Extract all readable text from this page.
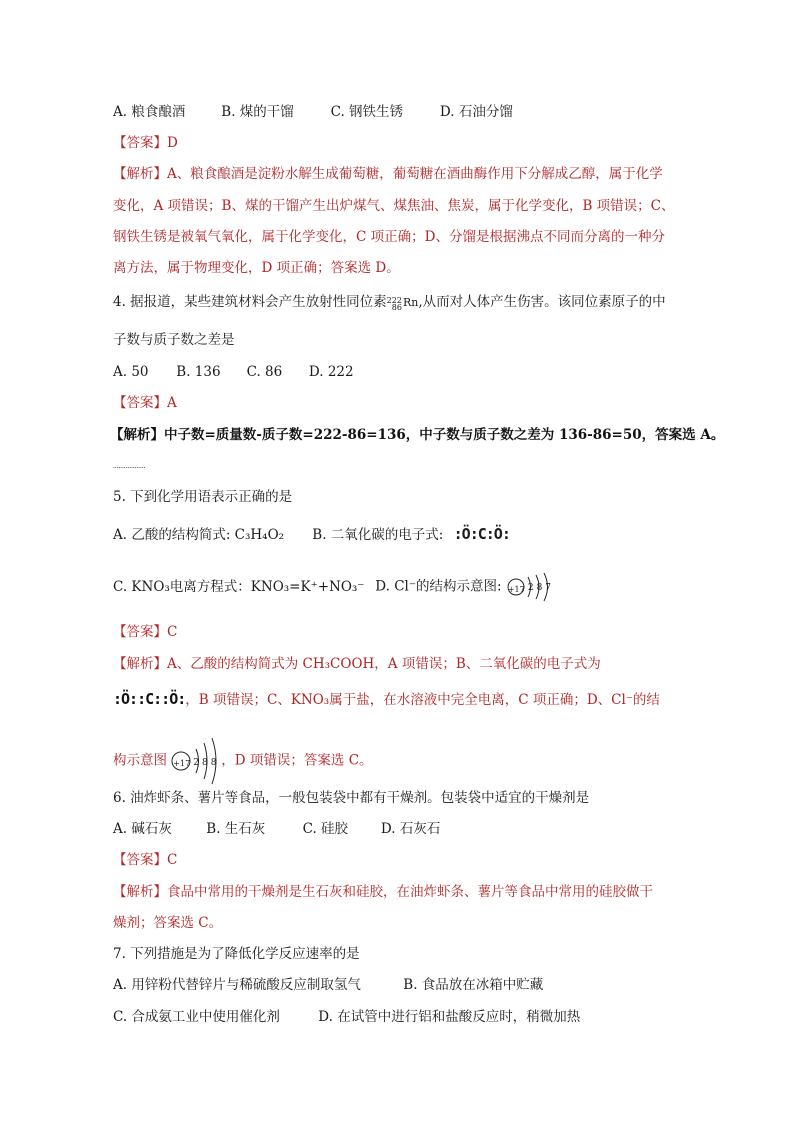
A. 粮食酿酒	B. 煤的干馏	C. 钢铁生锈	D. 石油分馏
【答案】D
【解析】A、粮食酿酒是淀粉水解生成葡萄糖，葡萄糖在酒曲酶作用下分解成乙醇，属于化学
变化，A 项错误；B、煤的干馏产生出炉煤气、煤焦油、焦炭，属于化学变化，B 项错误；C、
钢铁生锈是被氧气氧化，属于化学变化，C 项正确；D、分馏是根据沸点不同而分离的一种分
离方法，属于物理变化，D 项正确；答案选 D。
4. 据报道，某些建筑材料会产生放射性同位素 222
86 Rn,从而对人体产生伤害。该同位素原子的中
子数与质子数之差是
A. 50 B. 136 C. 86 D. 222
【答案】A
【解析】中子数=质量数-质子数=222-86=136，中子数与质子数之差为 136-86=50，答案选 A。
………………
5. 下到化学用语表示正确的是
A. 乙酸的结构简式: C₃H₄O₂ B. 二氧化碳的电子式: :Ö:C:Ö:
C. KNO₃电离方程式：KNO₃=K⁺+NO₃⁻ D. Cl⁻的结构示意图: +17 287
【答案】C
【解析】A、乙酸的结构简式为 CH₃COOH，A 项错误；B、二氧化碳的电子式为
:Ö::C::Ö:，B 项错误；C、KNO₃属于盐，在水溶液中完全电离，C 项正确；D、Cl⁻的结
构示意图 +17 288 ，D 项错误；答案选 C。
6. 油炸虾条、薯片等食品，一般包装袋中都有干燥剂。包装袋中适宜的干燥剂是
A. 碱石灰	B. 生石灰	C. 硅胶 D. 石灰石
【答案】C
【解析】食品中常用的干燥剂是生石灰和硅胶，在油炸虾条、薯片等食品中常用的硅胶做干
燥剂；答案选 C。
7. 下列措施是为了降低化学反应速率的是
A. 用锌粉代替锌片与稀硫酸反应制取氢气	B. 食品放在冰箱中贮藏
C. 合成氨工业中使用催化剂	D. 在试管中进行铝和盐酸反应时，稍微加热
